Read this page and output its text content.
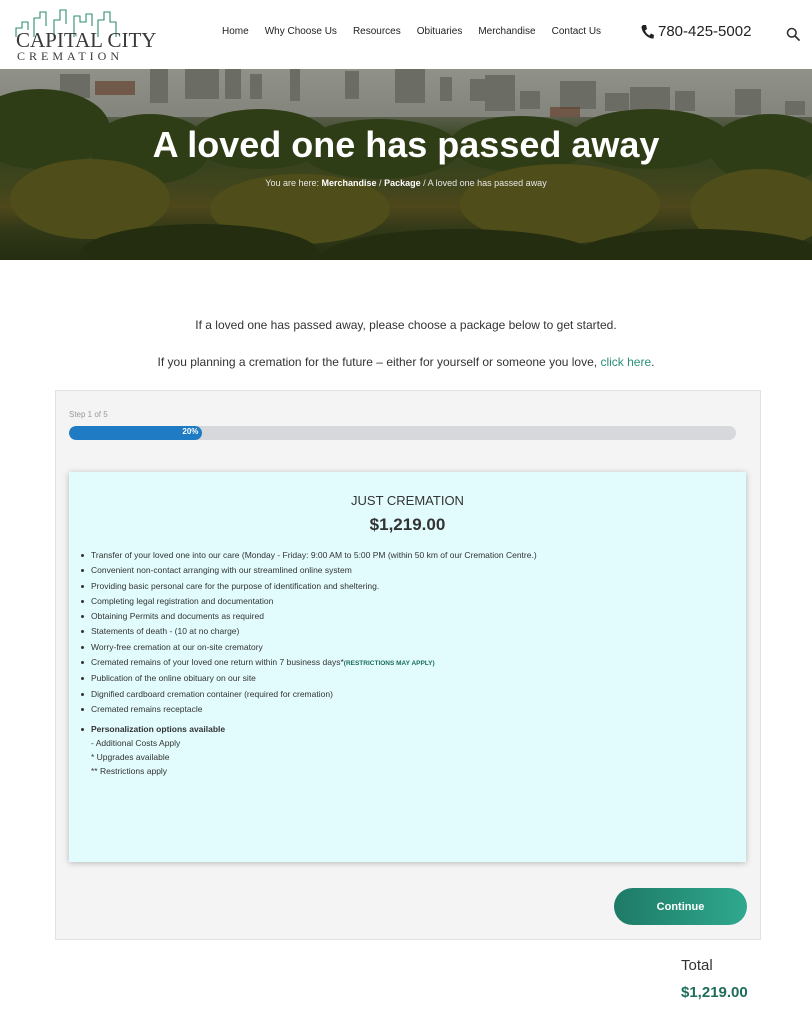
CAPITAL CITY
CREMATION
Home	Why Choose Us	Resources	Obituaries	Merchandise	Contact Us	780-425-5002
A loved one has passed away
You are here: Merchandise / Package / A loved one has passed away

If a loved one has passed away, please choose a package below to get started.

If you planning a cremation for the future – either for yourself or someone you love, click here.

Step 1 of 5
20%
JUST CREMATION
$1,219.00
Transfer of your loved one into our care (Monday - Friday: 9:00 AM to 5:00 PM (within 50 km of our Cremation Centre.)
Convenient non-contact arranging with our streamlined online system
Providing basic personal care for the purpose of identification and sheltering.
Completing legal registration and documentation
Obtaining Permits and documents as required
Statements of death - (10 at no charge)
Worry-free cremation at our on-site crematory
Cremated remains of your loved one return within 7 business days*(RESTRICTIONS MAY APPLY)
Publication of the online obituary on our site
Dignified cardboard cremation container (required for cremation)
Cremated remains receptacle
Personalization options available
- Additional Costs Apply
* Upgrades available
** Restrictions apply
Continue
Total
$1,219.00
